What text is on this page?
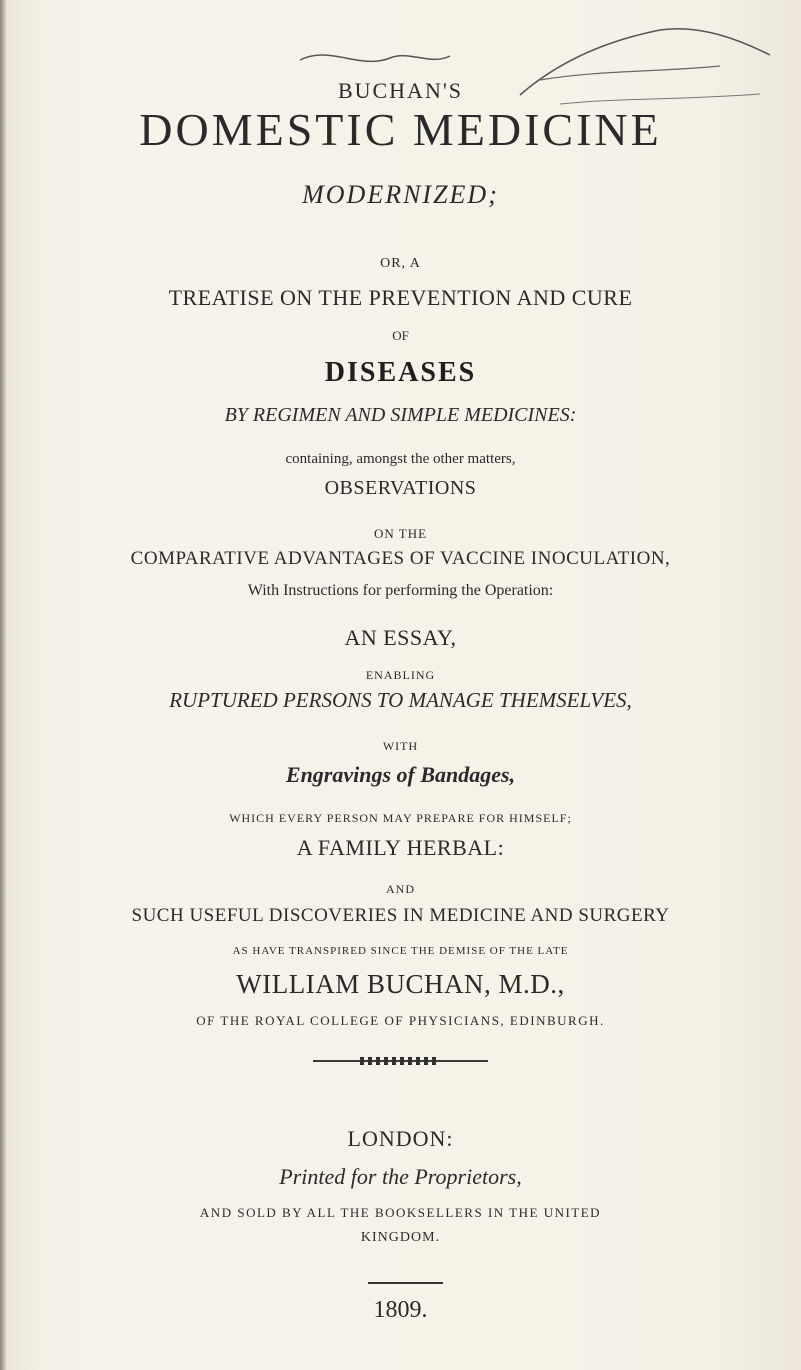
BUCHAN'S
DOMESTIC MEDICINE
MODERNIZED;
OR, A
TREATISE ON THE PREVENTION AND CURE
OF
DISEASES
BY REGIMEN AND SIMPLE MEDICINES:
containing, amongst the other matters,
OBSERVATIONS
ON THE
COMPARATIVE ADVANTAGES OF VACCINE INOCULATION,
With Instructions for performing the Operation:
AN ESSAY,
ENABLING
RUPTURED PERSONS TO MANAGE THEMSELVES,
WITH
Engravings of Bandages,
WHICH EVERY PERSON MAY PREPARE FOR HIMSELF;
A FAMILY HERBAL:
AND
SUCH USEFUL DISCOVERIES IN MEDICINE AND SURGERY
AS HAVE TRANSPIRED SINCE THE DEMISE OF THE LATE
WILLIAM BUCHAN, M.D.,
OF THE ROYAL COLLEGE OF PHYSICIANS, EDINBURGH.
LONDON:
Printed for the Proprietors,
AND SOLD BY ALL THE BOOKSELLERS IN THE UNITED
KINGDOM.
1809.
